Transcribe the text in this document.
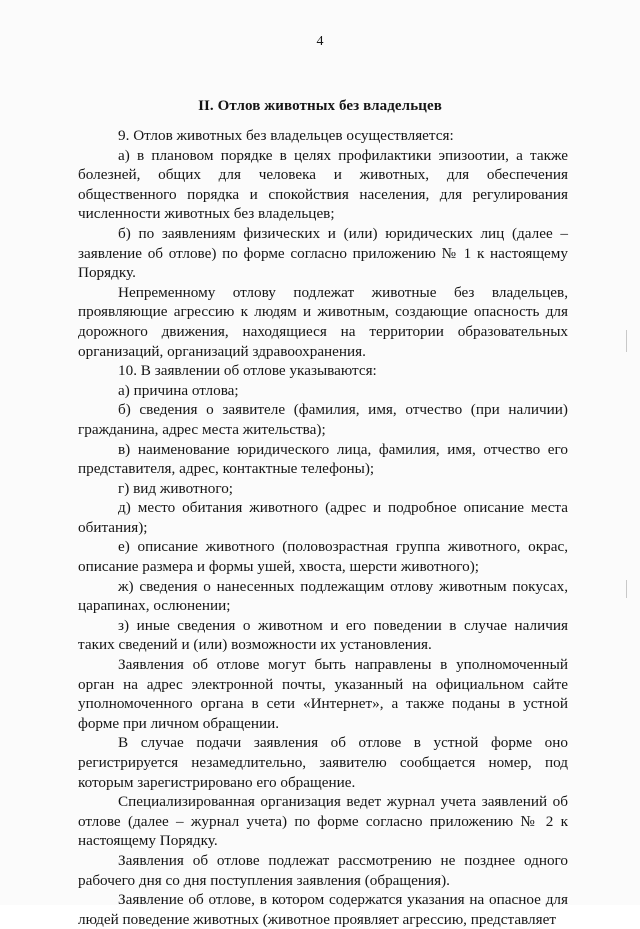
4
II. Отлов животных без владельцев

9. Отлов животных без владельцев осуществляется:

а) в плановом порядке в целях профилактики эпизоотии, а также болезней, общих для человека и животных, для обеспечения общественного порядка и спокойствия населения, для регулирования численности животных без владельцев;

б) по заявлениям физических и (или) юридических лиц (далее – заявление об отлове) по форме согласно приложению № 1 к настоящему Порядку.

Непременному отлову подлежат животные без владельцев, проявляющие агрессию к людям и животным, создающие опасность для дорожного движения, находящиеся на территории образовательных организаций, организаций здравоохранения.

10. В заявлении об отлове указываются:

а) причина отлова;

б) сведения о заявителе (фамилия, имя, отчество (при наличии) гражданина, адрес места жительства);

в) наименование юридического лица, фамилия, имя, отчество его представителя, адрес, контактные телефоны);

г) вид животного;

д) место обитания животного (адрес и подробное описание места обитания);

е) описание животного (половозрастная группа животного, окрас, описание размера и формы ушей, хвоста, шерсти животного);

ж) сведения о нанесенных подлежащим отлову животным покусах, царапинах, ослюнении;

з) иные сведения о животном и его поведении в случае наличия таких сведений и (или) возможности их установления.

Заявления об отлове могут быть направлены в уполномоченный орган на адрес электронной почты, указанный на официальном сайте уполномоченного органа в сети «Интернет», а также поданы в устной форме при личном обращении.

В случае подачи заявления об отлове в устной форме оно регистрируется незамедлительно, заявителю сообщается номер, под которым зарегистрировано его обращение.

Специализированная организация ведет журнал учета заявлений об отлове (далее – журнал учета) по форме согласно приложению № 2 к настоящему Порядку.

Заявления об отлове подлежат рассмотрению не позднее одного рабочего дня со дня поступления заявления (обращения).

Заявление об отлове, в котором содержатся указания на опасное для людей поведение животных (животное проявляет агрессию, представляет
